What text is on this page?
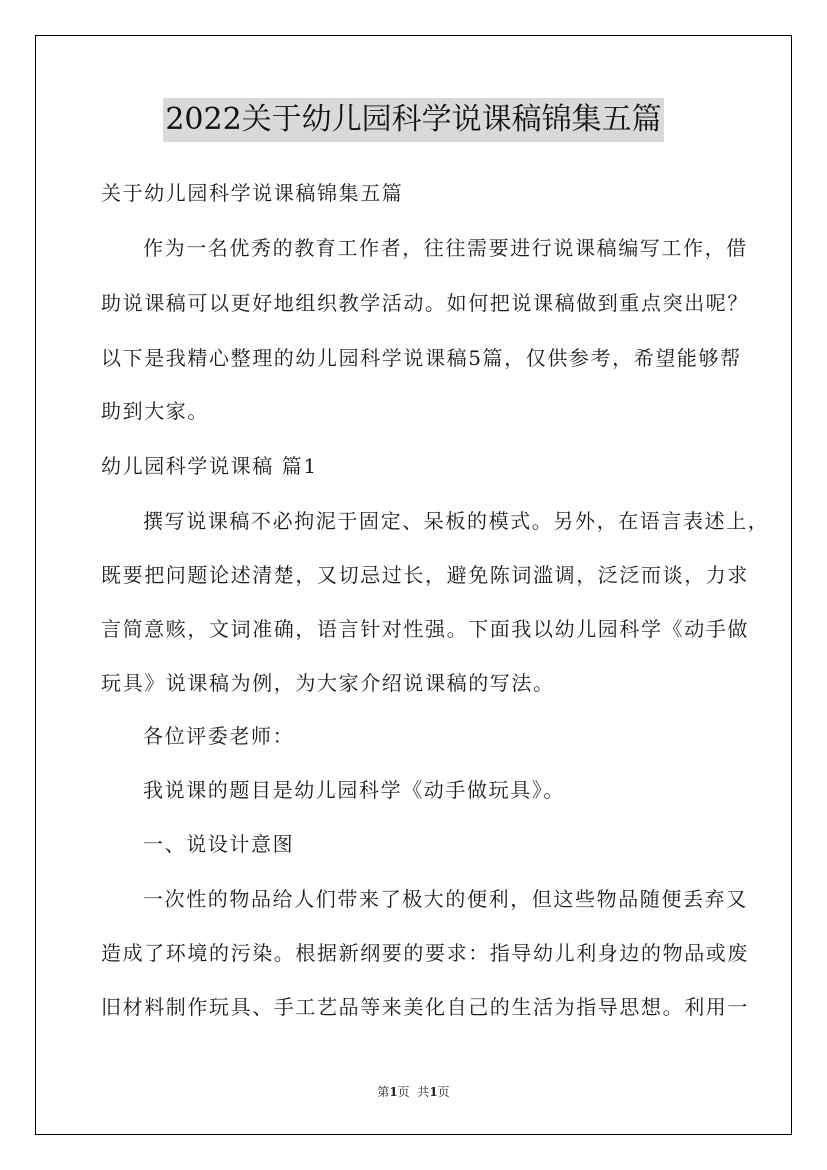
2022关于幼儿园科学说课稿锦集五篇
关于幼儿园科学说课稿锦集五篇
作为一名优秀的教育工作者，往往需要进行说课稿编写工作，借
助说课稿可以更好地组织教学活动。如何把说课稿做到重点突出呢？
以下是我精心整理的幼儿园科学说课稿5篇，仅供参考，希望能够帮
助到大家。
幼儿园科学说课稿 篇1
撰写说课稿不必拘泥于固定、呆板的模式。另外，在语言表述上，
既要把问题论述清楚，又切忌过长，避免陈词滥调，泛泛而谈，力求
言简意赅，文词准确，语言针对性强。下面我以幼儿园科学《动手做
玩具》说课稿为例，为大家介绍说课稿的写法。
各位评委老师：
我说课的题目是幼儿园科学《动手做玩具》。
一、说设计意图
一次性的物品给人们带来了极大的便利，但这些物品随便丢弃又
造成了环境的污染。根据新纲要的要求：指导幼儿利身边的物品或废
旧材料制作玩具、手工艺品等来美化自己的生活为指导思想。利用一
第1页  共1页
